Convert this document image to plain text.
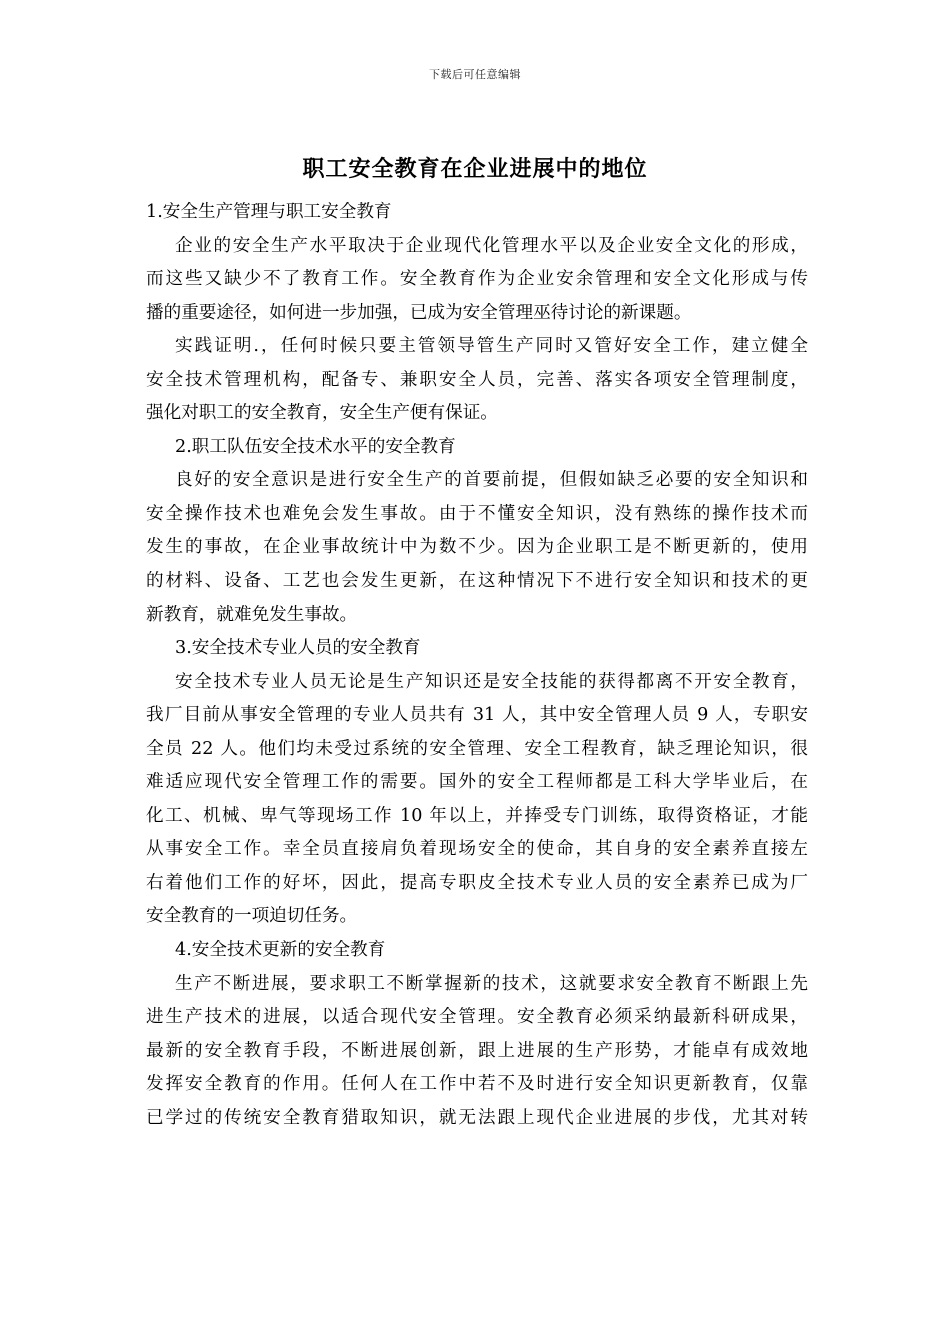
下载后可任意编辑
职工安全教育在企业进展中的地位
1.安全生产管理与职工安全教育
企业的安全生产水平取决于企业现代化管理水平以及企业安全文化的形成，
而这些又缺少不了教育工作。安全教育作为企业安余管理和安全文化形成与传
播的重要途径，如何进一步加强，已成为安全管理巫待讨论的新课题。
实践证明.，任何时候只要主管领导管生产同时又管好安全工作，建立健全
安全技术管理机构，配备专、兼职安全人员，完善、落实各项安全管理制度，
强化对职工的安全教育，安全生产便有保证。
2.职工队伍安全技术水平的安全教育
良好的安全意识是进行安全生产的首要前提，但假如缺乏必要的安全知识和
安全操作技术也难免会发生事故。由于不懂安全知识，没有熟练的操作技术而
发生的事故，在企业事故统计中为数不少。因为企业职工是不断更新的，使用
的材料、设备、工艺也会发生更新，在这种情况下不进行安全知识和技术的更
新教育，就难免发生事故。
3.安全技术专业人员的安全教育
安全技术专业人员无论是生产知识还是安全技能的获得都离不开安全教育，
我厂目前从事安全管理的专业人员共有 31 人，其中安全管理人员 9 人，专职安
全员 22 人。他们均未受过系统的安全管理、安全工程教育，缺乏理论知识，很
难适应现代安全管理工作的需要。国外的安全工程师都是工科大学毕业后，在
化工、机械、卑气等现场工作 10 年以上，并捧受专门训练，取得资格证，才能
从事安全工作。幸全员直接肩负着现场安全的使命，其自身的安全素养直接左
右着他们工作的好坏，因此，提高专职皮全技术专业人员的安全素养已成为厂
安全教育的一项迫切任务。
4.安全技术更新的安全教育
生产不断进展，要求职工不断掌握新的技术，这就要求安全教育不断跟上先
进生产技术的进展，以适合现代安全管理。安全教育必须采纳最新科研成果，
最新的安全教育手段，不断进展创新，跟上进展的生产形势，才能卓有成效地
发挥安全教育的作用。任何人在工作中若不及时进行安全知识更新教育，仅靠
已学过的传统安全教育猎取知识，就无法跟上现代企业进展的步伐，尤其对转
